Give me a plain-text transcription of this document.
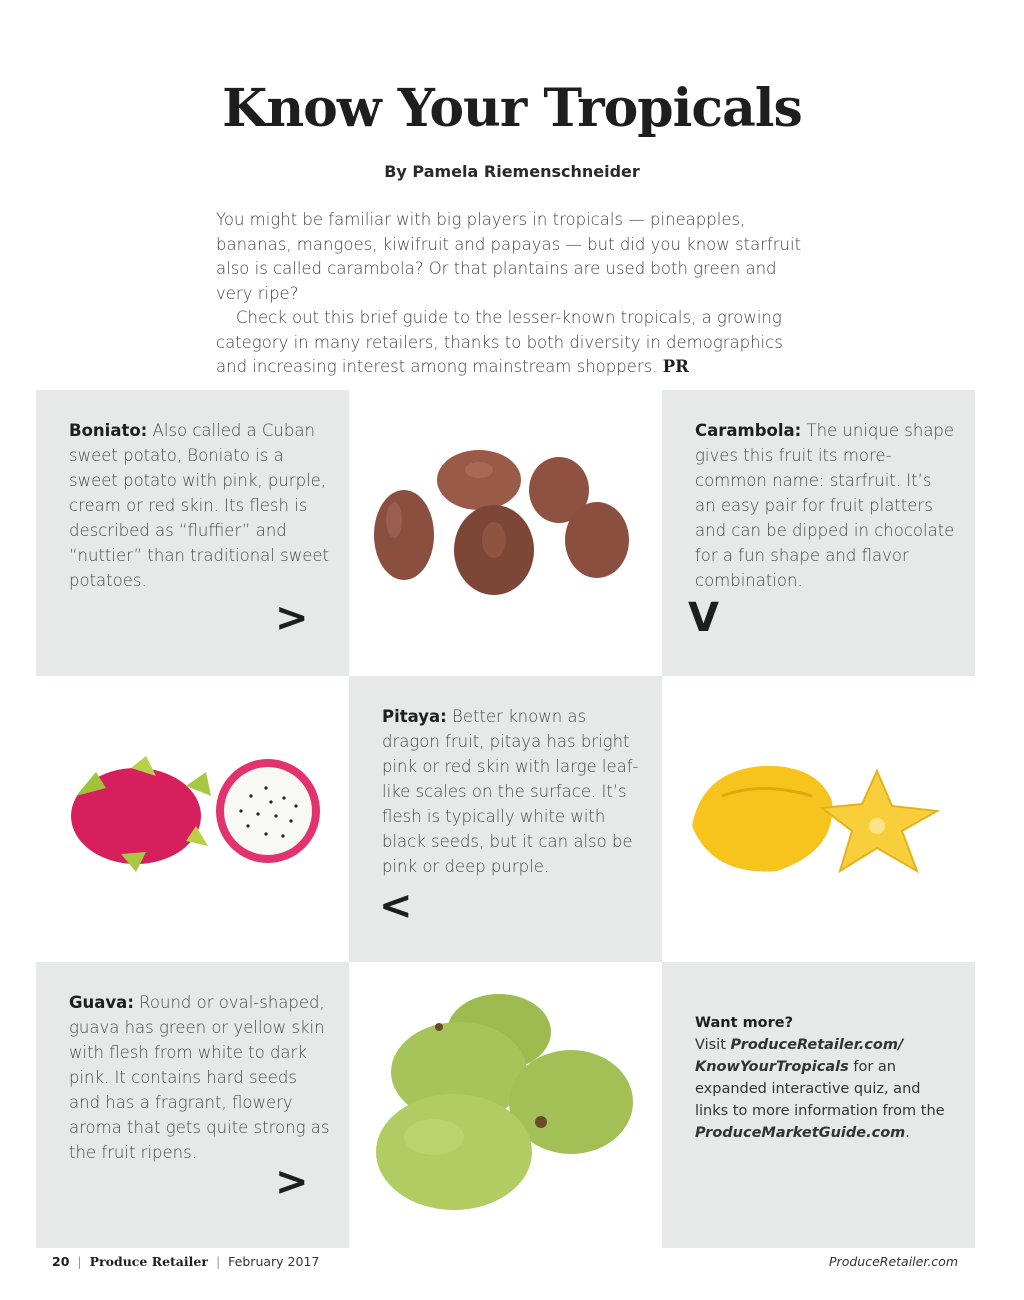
Know Your Tropicals
By Pamela Riemenschneider

You might be familiar with big players in tropicals — pineapples, bananas, mangoes, kiwifruit and papayas — but did you know starfruit also is called carambola? Or that plantains are used both green and very ripe?

Check out this brief guide to the lesser-known tropicals, a growing category in many retailers, thanks to both diversity in demographics and increasing interest among mainstream shoppers. PR

Boniato: Also called a Cuban sweet potato, Boniato is a sweet potato with pink, purple, cream or red skin. Its flesh is described as “fluffier” and “nuttier” than traditional sweet potatoes.
>
Carambola: The unique shape gives this fruit its more-common name: starfruit. It’s an easy pair for fruit platters and can be dipped in chocolate for a fun shape and flavor combination.
V
Pitaya: Better known as dragon fruit, pitaya has bright pink or red skin with large leaf-like scales on the surface. It’s flesh is typically white with black seeds, but it can also be pink or deep purple.
<
Guava: Round or oval-shaped, guava has green or yellow skin with flesh from white to dark pink. It contains hard seeds and has a fragrant, flowery aroma that gets quite strong as the fruit ripens.
>
Want more?
Visit ProduceRetailer.com/ KnowYourTropicals for an expanded interactive quiz, and links to more information from the ProduceMarketGuide.com.
20 | Produce Retailer | February 2017	ProduceRetailer.com
